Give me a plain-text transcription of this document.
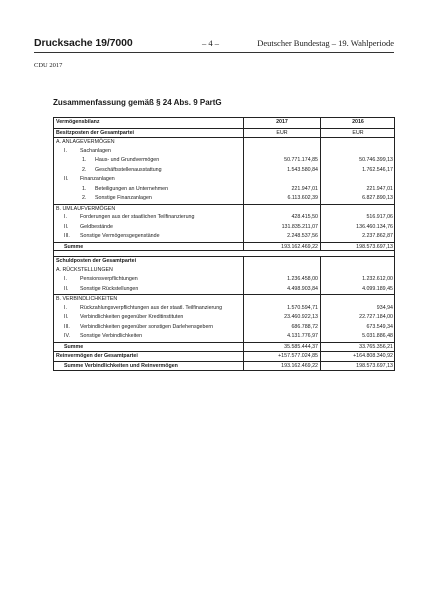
Drucksache 19/7000	– 4 –	Deutscher Bundestag – 19. Wahlperiode
CDU 2017
Zusammenfassung gemäß § 24 Abs. 9 PartG
Vermögensbilanz	2017	2016
Besitzposten der Gesamtpartei	EUR	EUR
A. ANLAGEVERMÖGEN
I. Sachanlagen
1. Haus- und Grundvermögen	50.771.174,85	50.746.399,13
2. Geschäftsstellenausstattung	1.543.580,84	1.762.546,17
II. Finanzanlagen
1. Beteiligungen an Unternehmen	221.947,01	221.947,01
2. Sonstige Finanzanlagen	6.113.602,39	6.827.890,13
B. UMLAUFVERMÖGEN
I. Forderungen aus der staatlichen Teilfinanzierung	428.415,50	516.917,06
II. Geldbestände	131.835.211,07	136.460.134,76
III. Sonstige Vermögensgegenstände	2.248.537,56	2.237.862,87
Summe	193.162.469,22	198.573.697,13
Schuldposten der Gesamtpartei
A. RÜCKSTELLUNGEN
I. Pensionsverpflichtungen	1.236.458,00	1.232.612,00
II. Sonstige Rückstellungen	4.498.903,84	4.099.189,45
B. VERBINDLICHKEITEN
I. Rückzahlungsverpflichtungen aus der staatl. Teilfinanzierung	1.570.594,71	934,94
II. Verbindlichkeiten gegenüber Kreditinstituten	23.460.922,13	22.727.184,00
III. Verbindlichkeiten gegenüber sonstigen Darlehensgebern	686.788,72	673.549,34
IV. Sonstige Verbindlichkeiten	4.131.776,97	5.031.886,48
Summe	35.585.444,37	33.765.356,21
Reinvermögen der Gesamtpartei	+157.577.024,85	+164.808.340,92
Summe Verbindlichkeiten und Reinvermögen	193.162.469,22	198.573.697,13
